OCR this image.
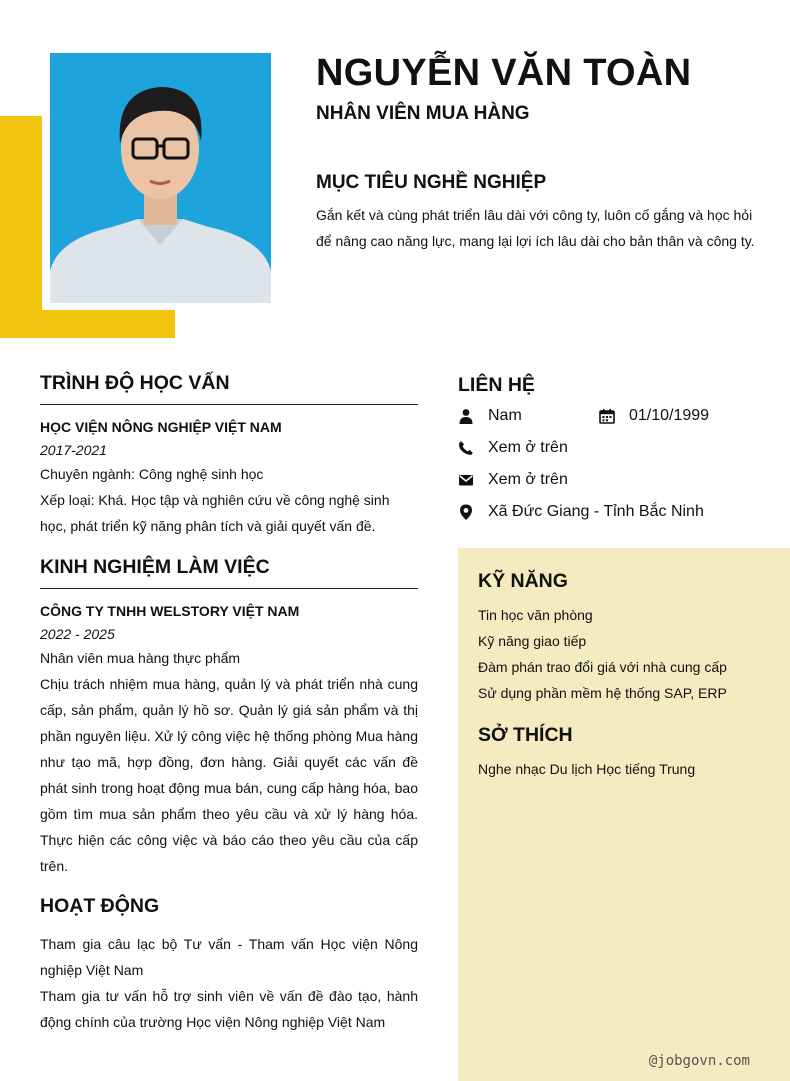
NGUYỄN VĂN TOÀN
NHÂN VIÊN MUA HÀNG
MỤC TIÊU NGHỀ NGHIỆP

Gắn kết và cùng phát triển lâu dài với công ty, luôn cố gắng và học hỏi để nâng cao năng lực, mang lại lợi ích lâu dài cho bản thân và công ty.

TRÌNH ĐỘ HỌC VẤN

HỌC VIỆN NÔNG NGHIỆP VIỆT NAM

2017-2021

Chuyên ngành: Công nghệ sinh học

Xếp loại: Khá. Học tập và nghiên cứu về công nghệ sinh học, phát triển kỹ năng phân tích và giải quyết vấn đề.

KINH NGHIỆM LÀM VIỆC

CÔNG TY TNHH WELSTORY VIỆT NAM

2022 - 2025

Nhân viên mua hàng thực phẩm

Chịu trách nhiệm mua hàng, quản lý và phát triển nhà cung cấp, sản phẩm, quản lý hồ sơ. Quản lý giá sản phẩm và thị phần nguyên liệu. Xử lý công việc hệ thống phòng Mua hàng như tạo mã, hợp đồng, đơn hàng. Giải quyết các vấn đề phát sinh trong hoạt động mua bán, cung cấp hàng hóa, bao gồm tìm mua sản phẩm theo yêu cầu và xử lý hàng hóa. Thực hiện các công việc và báo cáo theo yêu cầu của cấp trên.

HOẠT ĐỘNG

Tham gia câu lạc bộ Tư vấn - Tham vấn Học viện Nông nghiệp Việt Nam

Tham gia tư vấn hỗ trợ sinh viên về vấn đề đào tạo, hành động chính của trường Học viện Nông nghiệp Việt Nam

LIÊN HỆ
Nam	01/10/1999
Xem ở trên
Xem ở trên
Xã Đức Giang - Tỉnh Bắc Ninh
KỸ NĂNG

Tin học văn phòng

Kỹ năng giao tiếp

Đàm phán trao đổi giá với nhà cung cấp

Sử dụng phần mềm hệ thống SAP, ERP

SỞ THÍCH

Nghe nhạc Du lịch Học tiếng Trung

@jobgovn.com
